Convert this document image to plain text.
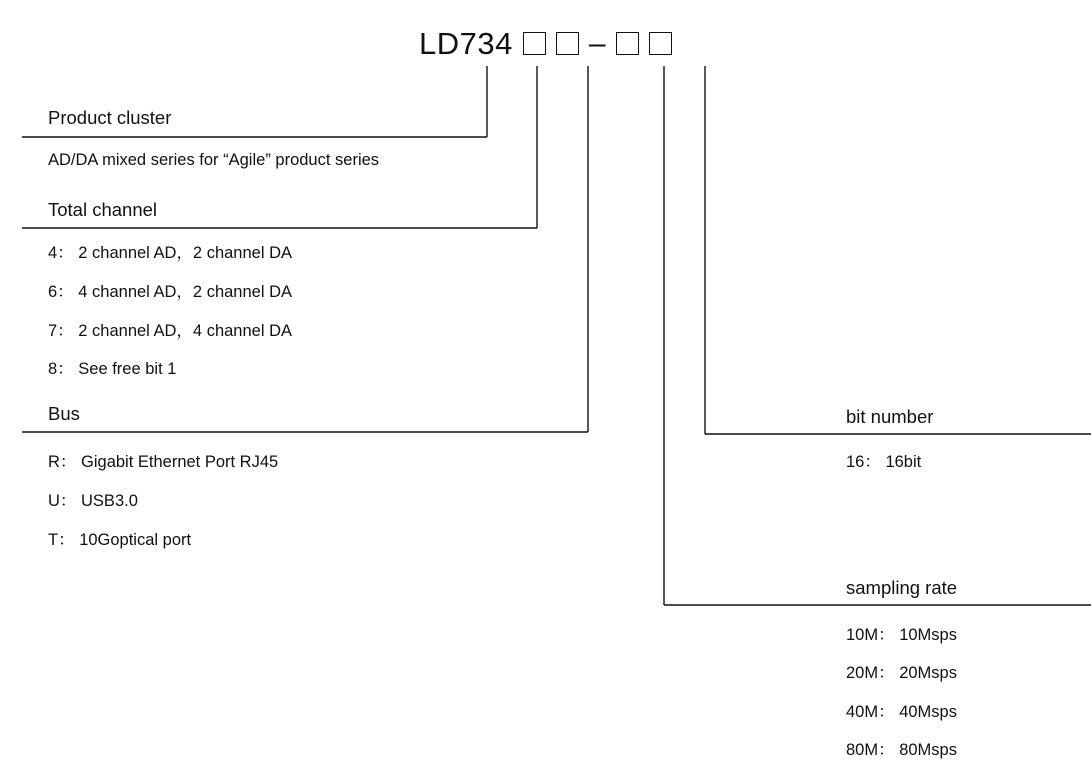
LD734	–
Product cluster
AD/DA mixed series for “Agile” product series
Total channel
4： 2 channel AD，2 channel DA
6： 4 channel AD，2 channel DA
7： 2 channel AD，4 channel DA
8： See free bit 1
Bus
R： Gigabit Ethernet Port RJ45
U： USB3.0
T： 10Goptical port
bit number
16： 16bit
sampling rate
10M： 10Msps
20M： 20Msps
40M： 40Msps
80M： 80Msps
